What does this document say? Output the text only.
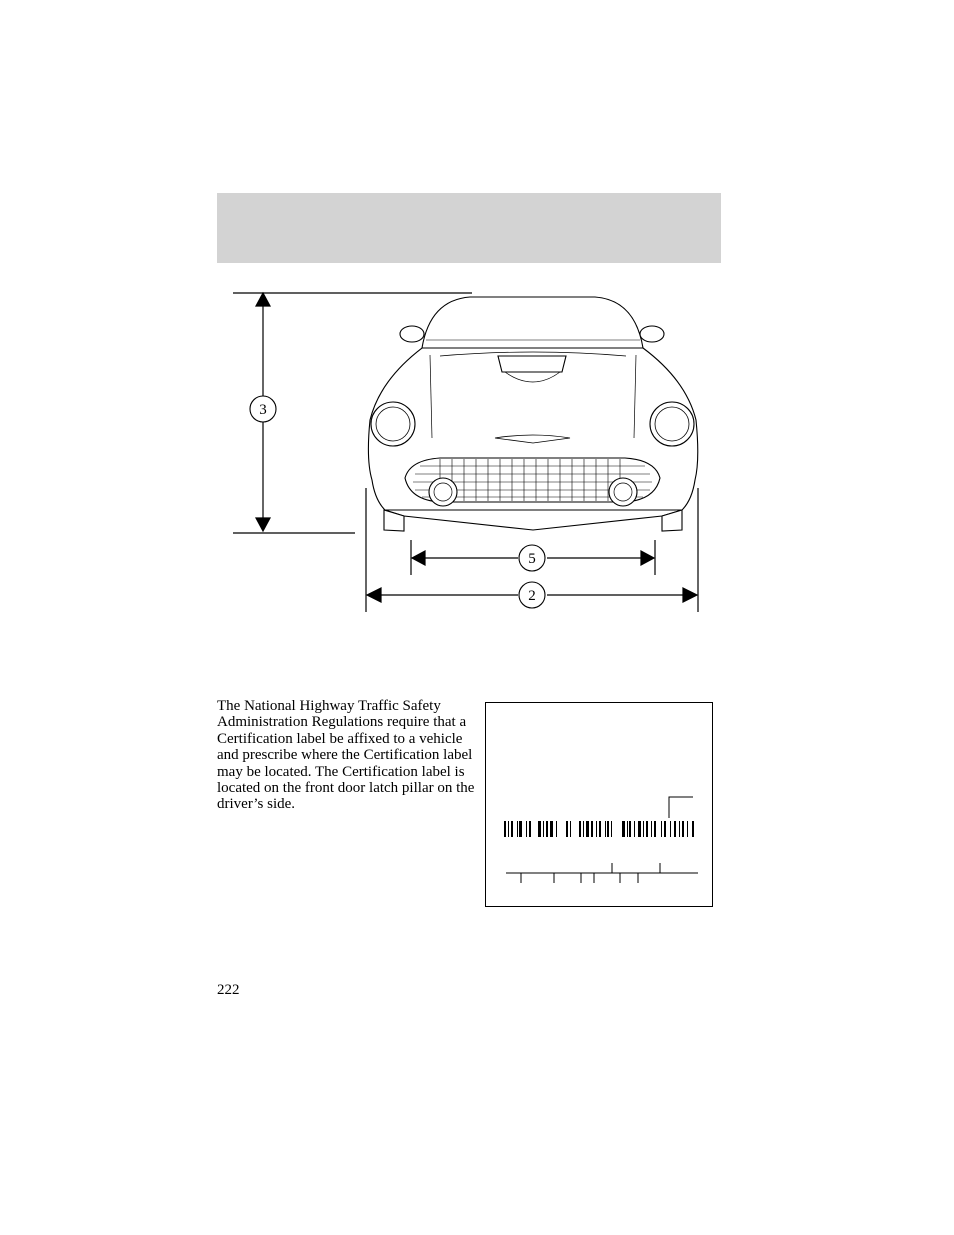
3
5
2
The National Highway Traffic Safety Administration Regulations require that a Certification label be affixed to a vehicle and prescribe where the Certification label may be located. The Certification label is located on the front door latch pillar on the driver’s side.
222
